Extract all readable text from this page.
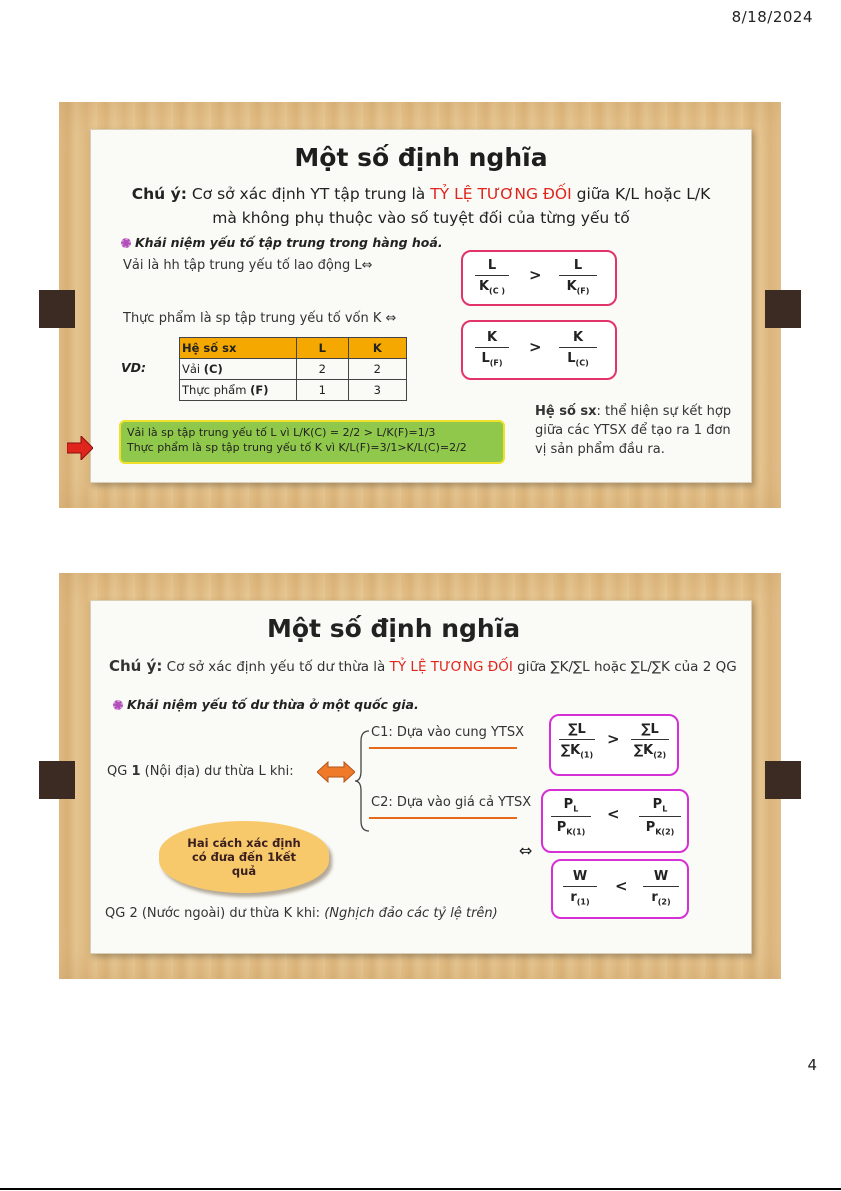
8/18/2024
Một số định nghĩa
Chú ý: Cơ sở xác định YT tập trung là TỶ LỆ TƯƠNG ĐỐI giữa K/L hoặc L/K
mà không phụ thuộc vào số tuyệt đối của từng yếu tố
Khái niệm yếu tố tập trung trong hàng hoá.
Vải là hh tập trung yếu tố lao động L⇔
Thực phẩm là sp tập trung yếu tố vốn K ⇔
$\frac{L}{K_{(C )}} > \frac{L}{K_{(F)}}$
$\frac{K}{L_{(F)}} > \frac{K}{L_{(C)}}$
VD:
Hệ số sx	L	K
Vải (C)	2	2
Thực phẩm (F)	1	3
Vải là sp tập trung yếu tố L vì L/K(C) = 2/2 > L/K(F)=1/3
Thực phẩm là sp tập trung yếu tố K vì K/L(F)=3/1>K/L(C)=2/2
Hệ số sx: thể hiện sự kết hợp
giữa các YTSX để tạo ra 1 đơn
vị sản phẩm đầu ra.
Một số định nghĩa
Chú ý: Cơ sở xác định yếu tố dư thừa là TỶ LỆ TƯƠNG ĐỐI giữa ∑K/∑L hoặc ∑L/∑K của 2 QG
Khái niệm yếu tố dư thừa ở một quốc gia.
C1: Dựa vào cung YTSX
C2: Dựa vào giá cả YTSX
QG 1 (Nội địa) dư thừa L khi:
Hai cách xác định có đưa đến 1kết quả
⇔
QG 2 (Nước ngoài) dư thừa K khi: (Nghịch đảo các tỷ lệ trên)
$\frac{\sum L}{\sum K_{(1)}} > \frac{\sum L}{\sum K_{(2)}}$
$\frac{P_L}{P_{K(1)}} < \frac{P_L}{P_{K(2)}}$
$\frac{W}{r_{(1)}} < \frac{W}{r_{(2)}}$
4
